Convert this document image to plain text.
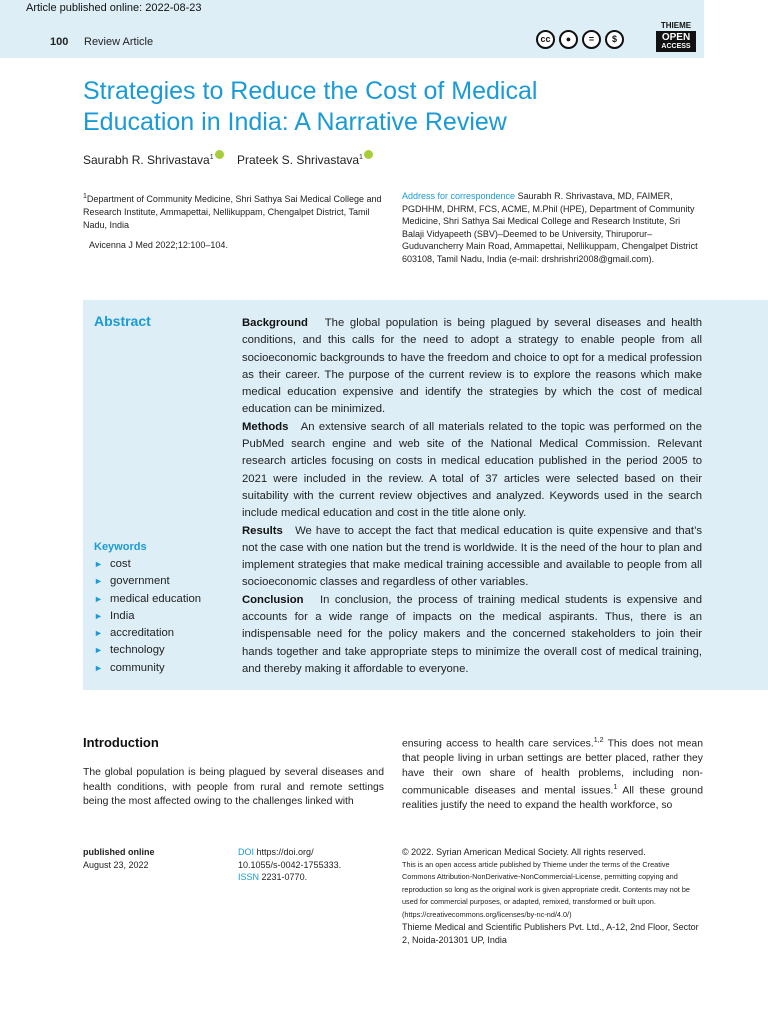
Article published online: 2022-08-23
100 Review Article	cc	●	=	$
THIEME
OPEN
ACCESS
Strategies to Reduce the Cost of Medical
Education in India: A Narrative Review
Saurabh R. Shrivastava$^1$ Prateek S. Shrivastava$^1$
$^1$Department of Community Medicine, Shri Sathya Sai Medical College and Research Institute, Ammapettai, Nellikuppam, Chengalpet District, Tamil Nadu, India
Avicenna J Med 2022;12:100–104.
Address for correspondence Saurabh R. Shrivastava, MD, FAIMER, PGDHHM, DHRM, FCS, ACME, M.Phil (HPE), Department of Community Medicine, Shri Sathya Sai Medical College and Research Institute, Sri Balaji Vidyapeeth (SBV)–Deemed to be University, Thiruporur–Guduvancherry Main Road, Ammapettai, Nellikuppam, Chengalpet District 603108, Tamil Nadu, India (e-mail: drshrishri2008@gmail.com).
Abstract	Background The global population is being plagued by several diseases and health conditions, and this calls for the need to adopt a strategy to enable people from all socioeconomic backgrounds to have the freedom and choice to opt for a medical profession as their career. The purpose of the current review is to explore the reasons which make medical education expensive and identify the strategies by which the cost of medical education can be minimized.
Methods An extensive search of all materials related to the topic was performed on the PubMed search engine and web site of the National Medical Commission. Relevant research articles focusing on costs in medical education published in the period 2005 to 2021 were included in the review. A total of 37 articles were selected based on their suitability with the current review objectives and analyzed. Keywords used in the search include medical education and cost in the title alone only.
Results We have to accept the fact that medical education is quite expensive and that’s not the case with one nation but the trend is worldwide. It is the need of the hour to plan and implement strategies that make medical training accessible and available to people from all socioeconomic classes and regardless of other variables.
Conclusion In conclusion, the process of training medical students is expensive and accounts for a wide range of impacts on the medical aspirants. Thus, there is an indispensable need for the policy makers and the concerned stakeholders to join their hands together and take appropriate steps to minimize the overall cost of medical training, and thereby making it affordable to everyone.
Keywords
► cost
► government
► medical education
► India
► accreditation
► technology
► community
Introduction

The global population is being plagued by several diseases and health conditions, with people from rural and remote settings being the most affected owing to the challenges linked with

ensuring access to health care services.$^{1,2}$ This does not mean that people living in urban settings are better placed, rather they have their own share of health problems, including non-communicable diseases and mental issues.$^1$ All these ground realities justify the need to expand the health workforce, so

published online
August 23, 2022
DOI https://doi.org/
10.1055/s-0042-1755333.
ISSN 2231-0770.
© 2022. Syrian American Medical Society. All rights reserved.
This is an open access article published by Thieme under the terms of the Creative Commons Attribution-NonDerivative-NonCommercial-License, permitting copying and reproduction so long as the original work is given appropriate credit. Contents may not be used for commercial purposes, or adapted, remixed, transformed or built upon. (https://creativecommons.org/licenses/by-nc-nd/4.0/)
Thieme Medical and Scientific Publishers Pvt. Ltd., A-12, 2nd Floor, Sector 2, Noida-201301 UP, India
